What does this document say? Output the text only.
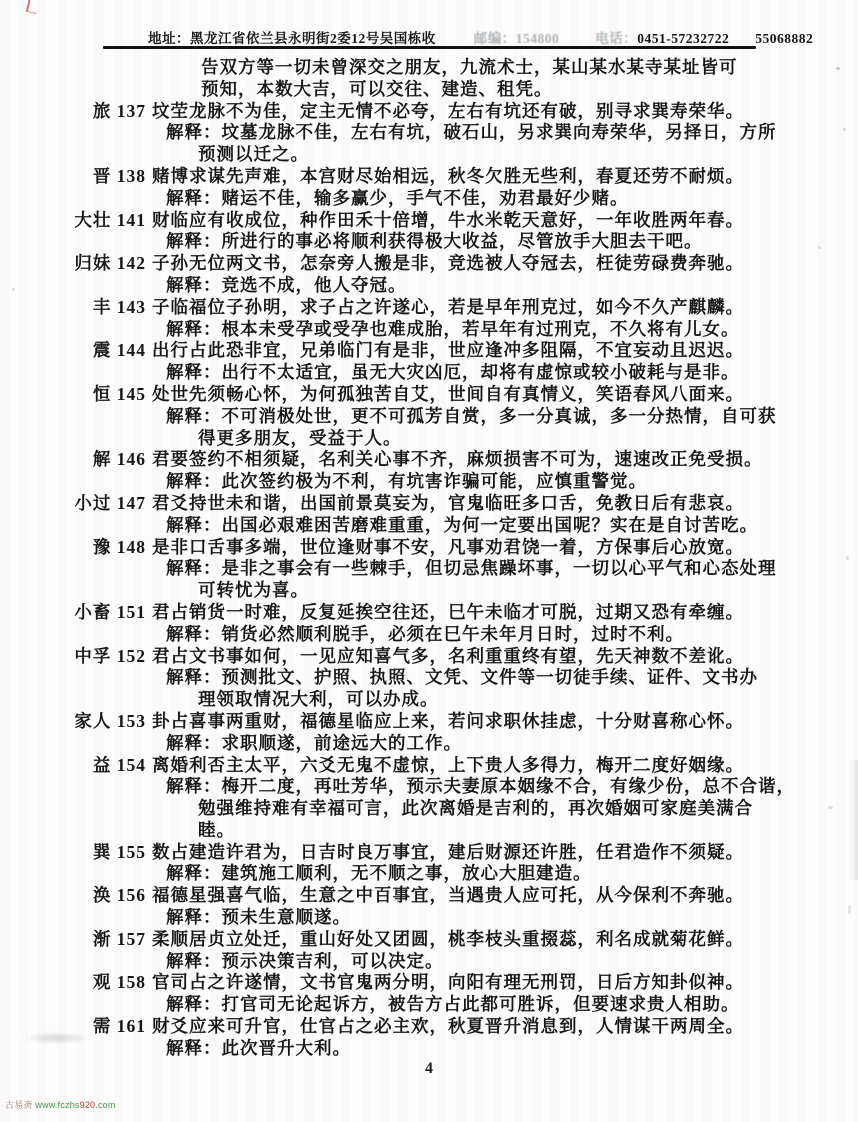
地址：黑龙江省依兰县永明街2委12号吴国栋收	邮编：154800	电话：0451-57232722 55068882
告双方等一切未曾深交之朋友，九流术士，某山某水某寺某址皆可
预知，本数大吉，可以交往、建造、租凭。
旅 137 坟茔龙脉不为佳，定主无情不必夸，左右有坑还有破，别寻求巽寿荣华。
解释：坟墓龙脉不佳，左右有坑，破石山，另求巽向寿荣华，另择日，方所
预测以迁之。
晋 138 赌博求谋先声难，本宫财尽始相远，秋冬欠胜无些利，春夏还劳不耐烦。
解释：赌运不佳，输多赢少，手气不佳，劝君最好少赌。
大壮 141 财临应有收成位，种作田禾十倍增，牛水米乾天意好，一年收胜两年春。
解释：所进行的事必将顺利获得极大收益，尽管放手大胆去干吧。
归妹 142 子孙无位两文书，怎奈旁人搬是非，竞选被人夺冠去，枉徒劳碌费奔驰。
解释：竞选不成，他人夺冠。
丰 143 子临福位子孙明，求子占之许遂心，若是早年刑克过，如今不久产麒麟。
解释：根本未受孕或受孕也难成胎，若早年有过刑克，不久将有儿女。
震 144 出行占此恐非宜，兄弟临门有是非，世应逢冲多阻隔，不宜妄动且迟迟。
解释：出行不太适宜，虽无大灾凶厄，却将有虚惊或较小破耗与是非。
恒 145 处世先须畅心怀，为何孤独苦自艾，世间自有真情义，笑语春风八面来。
解释：不可消极处世，更不可孤芳自赏，多一分真诚，多一分热情，自可获
得更多朋友，受益于人。
解 146 君要签约不相须疑，名利关心事不齐，麻烦损害不可为，速速改正免受损。
解释：此次签约极为不利，有坑害诈骗可能，应慎重警觉。
小过 147 君爻持世未和谐，出国前景莫妄为，官鬼临旺多口舌，免教日后有悲哀。
解释：出国必艰难困苦磨难重重，为何一定要出国呢？实在是自讨苦吃。
豫 148 是非口舌事多端，世位逢财事不安，凡事劝君饶一着，方保事后心放宽。
解释：是非之事会有一些棘手，但切忌焦躁坏事，一切以心平气和心态处理
可转忧为喜。
小畜 151 君占销货一时难，反复延挨空往还，巳午未临才可脱，过期又恐有牵缠。
解释：销货必然顺利脱手，必须在巳午未年月日时，过时不利。
中孚 152 君占文书事如何，一见应知喜气多，名利重重终有望，先天神数不差讹。
解释：预测批文、护照、执照、文凭、文件等一切徒手续、证件、文书办
理领取情况大利，可以办成。
家人 153 卦占喜事两重财，福德星临应上来，若问求职休挂虑，十分财喜称心怀。
解释：求职顺遂，前途远大的工作。
益 154 离婚利否主太平，六爻无鬼不虚惊，上下贵人多得力，梅开二度好姻缘。
解释：梅开二度，再吐芳华，预示夫妻原本姻缘不合，有缘少份，总不合谐，
勉强维持难有幸福可言，此次离婚是吉利的，再次婚姻可家庭美满合
睦。
巽 155 数占建造许君为，日吉时良万事宜，建后财源还许胜，任君造作不须疑。
解释：建筑施工顺利，无不顺之事，放心大胆建造。
涣 156 福德星强喜气临，生意之中百事宜，当遇贵人应可托，从今保利不奔驰。
解释：预未生意顺遂。
渐 157 柔顺居贞立处迁，重山好处又团圆，桃李枝头重掇蕊，利名成就菊花鲜。
解释：预示决策吉利，可以决定。
观 158 官司占之许遂情，文书官鬼两分明，向阳有理无刑罚，日后方知卦似神。
解释：打官司无论起诉方，被告方占此都可胜诉，但要速求贵人相助。
需 161 财爻应来可升官，仕官占之必主欢，秋夏晋升消息到，人情谋干两周全。
解释：此次晋升大利。
4
古易斋 www.fczhs920.com
